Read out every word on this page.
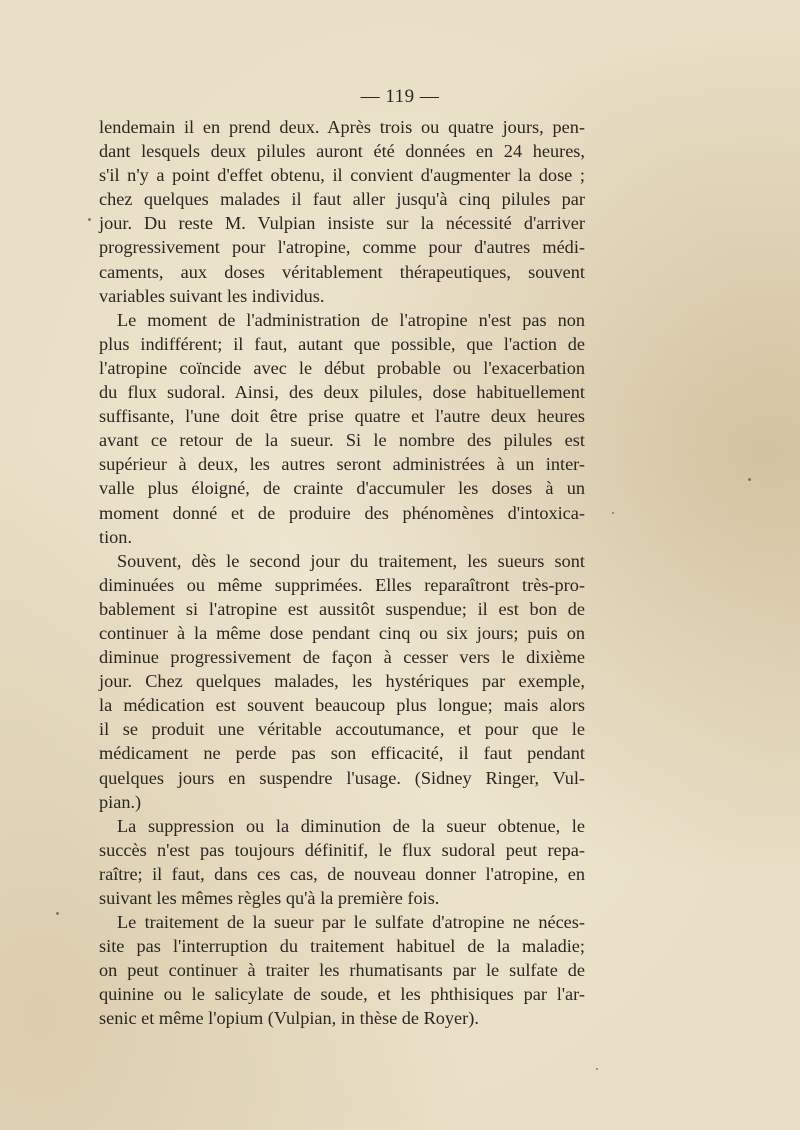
— 119 —
lendemain il en prend deux. Après trois ou quatre jours, pen-
dant lesquels deux pilules auront été données en 24 heures,
s'il n'y a point d'effet obtenu, il convient d'augmenter la dose ;
chez quelques malades il faut aller jusqu'à cinq pilules par
jour. Du reste M. Vulpian insiste sur la nécessité d'arriver
progressivement pour l'atropine, comme pour d'autres médi-
caments, aux doses véritablement thérapeutiques, souvent
variables suivant les individus.
Le moment de l'administration de l'atropine n'est pas non
plus indifférent; il faut, autant que possible, que l'action de
l'atropine coïncide avec le début probable ou l'exacerbation
du flux sudoral. Ainsi, des deux pilules, dose habituellement
suffisante, l'une doit être prise quatre et l'autre deux heures
avant ce retour de la sueur. Si le nombre des pilules est
supérieur à deux, les autres seront administrées à un inter-
valle plus éloigné, de crainte d'accumuler les doses à un
moment donné et de produire des phénomènes d'intoxica-
tion.
Souvent, dès le second jour du traitement, les sueurs sont
diminuées ou même supprimées. Elles reparaîtront très-pro-
bablement si l'atropine est aussitôt suspendue; il est bon de
continuer à la même dose pendant cinq ou six jours; puis on
diminue progressivement de façon à cesser vers le dixième
jour. Chez quelques malades, les hystériques par exemple,
la médication est souvent beaucoup plus longue; mais alors
il se produit une véritable accoutumance, et pour que le
médicament ne perde pas son efficacité, il faut pendant
quelques jours en suspendre l'usage. (Sidney Ringer, Vul-
pian.)
La suppression ou la diminution de la sueur obtenue, le
succès n'est pas toujours définitif, le flux sudoral peut repa-
raître; il faut, dans ces cas, de nouveau donner l'atropine, en
suivant les mêmes règles qu'à la première fois.
Le traitement de la sueur par le sulfate d'atropine ne néces-
site pas l'interruption du traitement habituel de la maladie;
on peut continuer à traiter les rhumatisants par le sulfate de
quinine ou le salicylate de soude, et les phthisiques par l'ar-
senic et même l'opium (Vulpian, in thèse de Royer).
